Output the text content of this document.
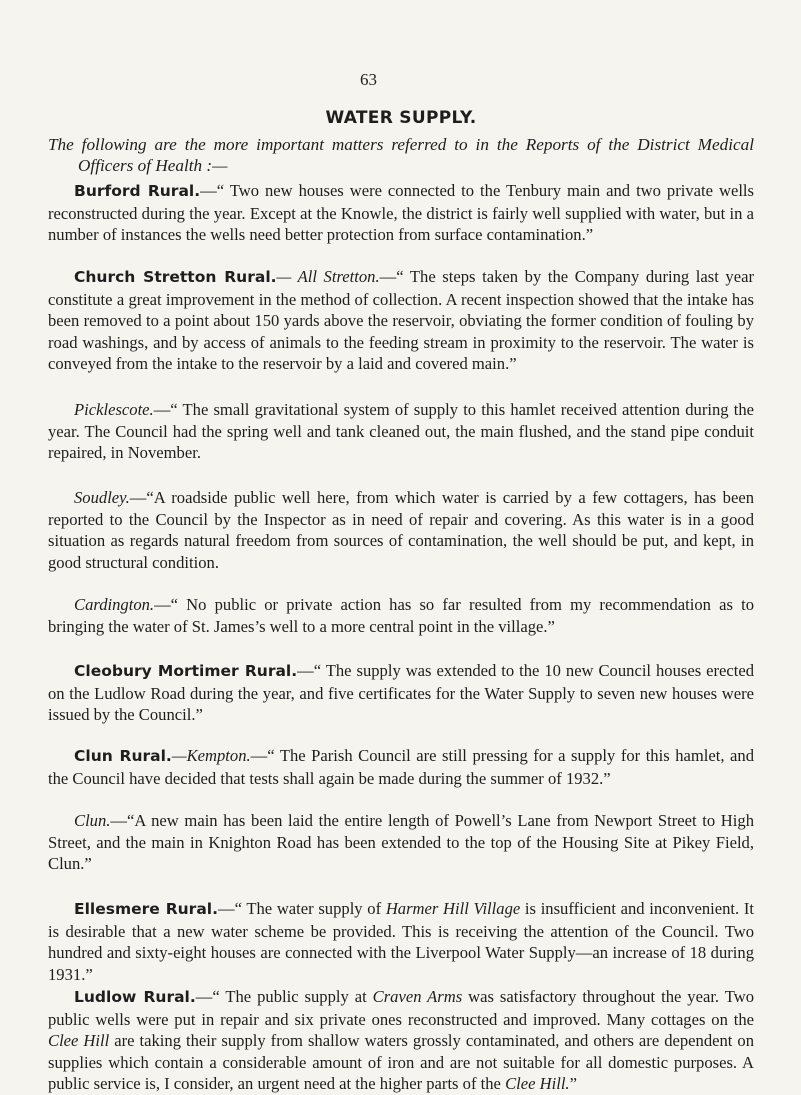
63

WATER SUPPLY.

The following are the more important matters referred to in the Reports of the District Medical Officers of Health :—

Burford Rural.—“ Two new houses were connected to the Tenbury main and two private wells reconstructed during the year. Except at the Knowle, the district is fairly well supplied with water, but in a number of instances the wells need better protection from surface contamination.”

Church Stretton Rural.— All Stretton.—“ The steps taken by the Company during last year constitute a great improvement in the method of collection. A recent inspection showed that the intake has been removed to a point about 150 yards above the reservoir, obviating the former condition of fouling by road washings, and by access of animals to the feeding stream in proximity to the reservoir. The water is conveyed from the intake to the reservoir by a laid and covered main.”

Picklescote.—“ The small gravitational system of supply to this hamlet received attention during the year. The Council had the spring well and tank cleaned out, the main flushed, and the stand pipe conduit repaired, in November.

Soudley.—“A roadside public well here, from which water is carried by a few cottagers, has been reported to the Council by the Inspector as in need of repair and covering. As this water is in a good situation as regards natural freedom from sources of contamination, the well should be put, and kept, in good structural condition.

Cardington.—“ No public or private action has so far resulted from my recommendation as to bringing the water of St. James’s well to a more central point in the village.”

Cleobury Mortimer Rural.—“ The supply was extended to the 10 new Council houses erected on the Ludlow Road during the year, and five certificates for the Water Supply to seven new houses were issued by the Council.”

Clun Rural.—Kempton.—“ The Parish Council are still pressing for a supply for this hamlet, and the Council have decided that tests shall again be made during the summer of 1932.”

Clun.—“A new main has been laid the entire length of Powell’s Lane from Newport Street to High Street, and the main in Knighton Road has been extended to the top of the Housing Site at Pikey Field, Clun.”

Ellesmere Rural.—“ The water supply of Harmer Hill Village is insufficient and inconvenient. It is desirable that a new water scheme be provided. This is receiving the attention of the Council. Two hundred and sixty-eight houses are connected with the Liverpool Water Supply—an increase of 18 during 1931.”

Ludlow Rural.—“ The public supply at Craven Arms was satisfactory throughout the year. Two public wells were put in repair and six private ones reconstructed and improved. Many cottages on the Clee Hill are taking their supply from shallow waters grossly contaminated, and others are dependent on supplies which contain a considerable amount of iron and are not suitable for all domestic purposes. A public service is, I consider, an urgent need at the higher parts of the Clee Hill.”
